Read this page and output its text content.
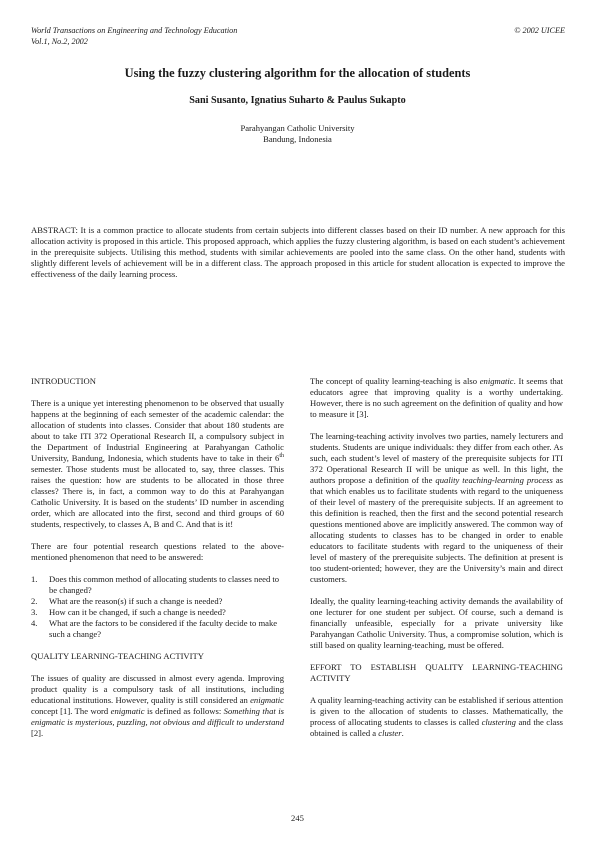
World Transactions on Engineering and Technology Education
Vol.1, No.2, 2002
© 2002 UICEE
Using the fuzzy clustering algorithm for the allocation of students
Sani Susanto, Ignatius Suharto & Paulus Sukapto
Parahyangan Catholic University
Bandung, Indonesia
ABSTRACT: It is a common practice to allocate students from certain subjects into different classes based on their ID number. A new approach for this allocation activity is proposed in this article. This proposed approach, which applies the fuzzy clustering algorithm, is based on each student’s achievement in the prerequisite subjects. Utilising this method, students with similar achievements are pooled into the same class. On the other hand, students with slightly different levels of achievement will be in a different class. The approach proposed in this article for student allocation is expected to improve the effectiveness of the daily learning process.
INTRODUCTION

There is a unique yet interesting phenomenon to be observed that usually happens at the beginning of each semester of the academic calendar: the allocation of students into classes. Consider that about 180 students are about to take ITI 372 Operational Research II, a compulsory subject in the Department of Industrial Engineering at Parahyangan Catholic University, Bandung, Indonesia, which students have to take in their 6th semester. Those students must be allocated to, say, three classes. This raises the question: how are students to be allocated in those three classes? There is, in fact, a common way to do this at Parahyangan Catholic University. It is based on the students’ ID number in ascending order, which are allocated into the first, second and third groups of 60 students, respectively, to classes A, B and C. And that is it!

There are four potential research questions related to the above-mentioned phenomenon that need to be answered:

1. Does this common method of allocating students to classes need to be changed?
2. What are the reason(s) if such a change is needed?
3. How can it be changed, if such a change is needed?
4. What are the factors to be considered if the faculty decide to make such a change?
QUALITY LEARNING-TEACHING ACTIVITY

The issues of quality are discussed in almost every agenda. Improving product quality is a compulsory task of all institutions, including educational institutions. However, quality is still considered an enigmatic concept [1]. The word enigmatic is defined as follows: Something that is enigmatic is mysterious, puzzling, not obvious and difficult to understand [2].

The concept of quality learning-teaching is also enigmatic. It seems that educators agree that improving quality is a worthy undertaking. However, there is no such agreement on the definition of quality and how to measure it [3].

The learning-teaching activity involves two parties, namely lecturers and students. Students are unique individuals: they differ from each other. As such, each student’s level of mastery of the prerequisite subjects for ITI 372 Operational Research II will be unique as well. In this light, the authors propose a definition of the quality teaching-learning process as that which enables us to facilitate students with regard to the uniqueness of their level of mastery of the prerequisite subjects. If an agreement to this definition is reached, then the first and the second potential research questions mentioned above are implicitly answered. The common way of allocating students to classes has to be changed in order to enable educators to facilitate students with regard to the uniqueness of their level of mastery of the prerequisite subjects. The definition at present is too student-oriented; however, they are the University’s main and direct customers.

Ideally, the quality learning-teaching activity demands the availability of one lecturer for one student per subject. Of course, such a demand is financially unfeasible, especially for a private university like Parahyangan Catholic University. Thus, a compromise solution, which is still based on quality learning-teaching, must be offered.

EFFORT TO ESTABLISH QUALITY LEARNING-TEACHING ACTIVITY

A quality learning-teaching activity can be established if serious attention is given to the allocation of students to classes. Mathematically, the process of allocating students to classes is called clustering and the class obtained is called a cluster.

245
